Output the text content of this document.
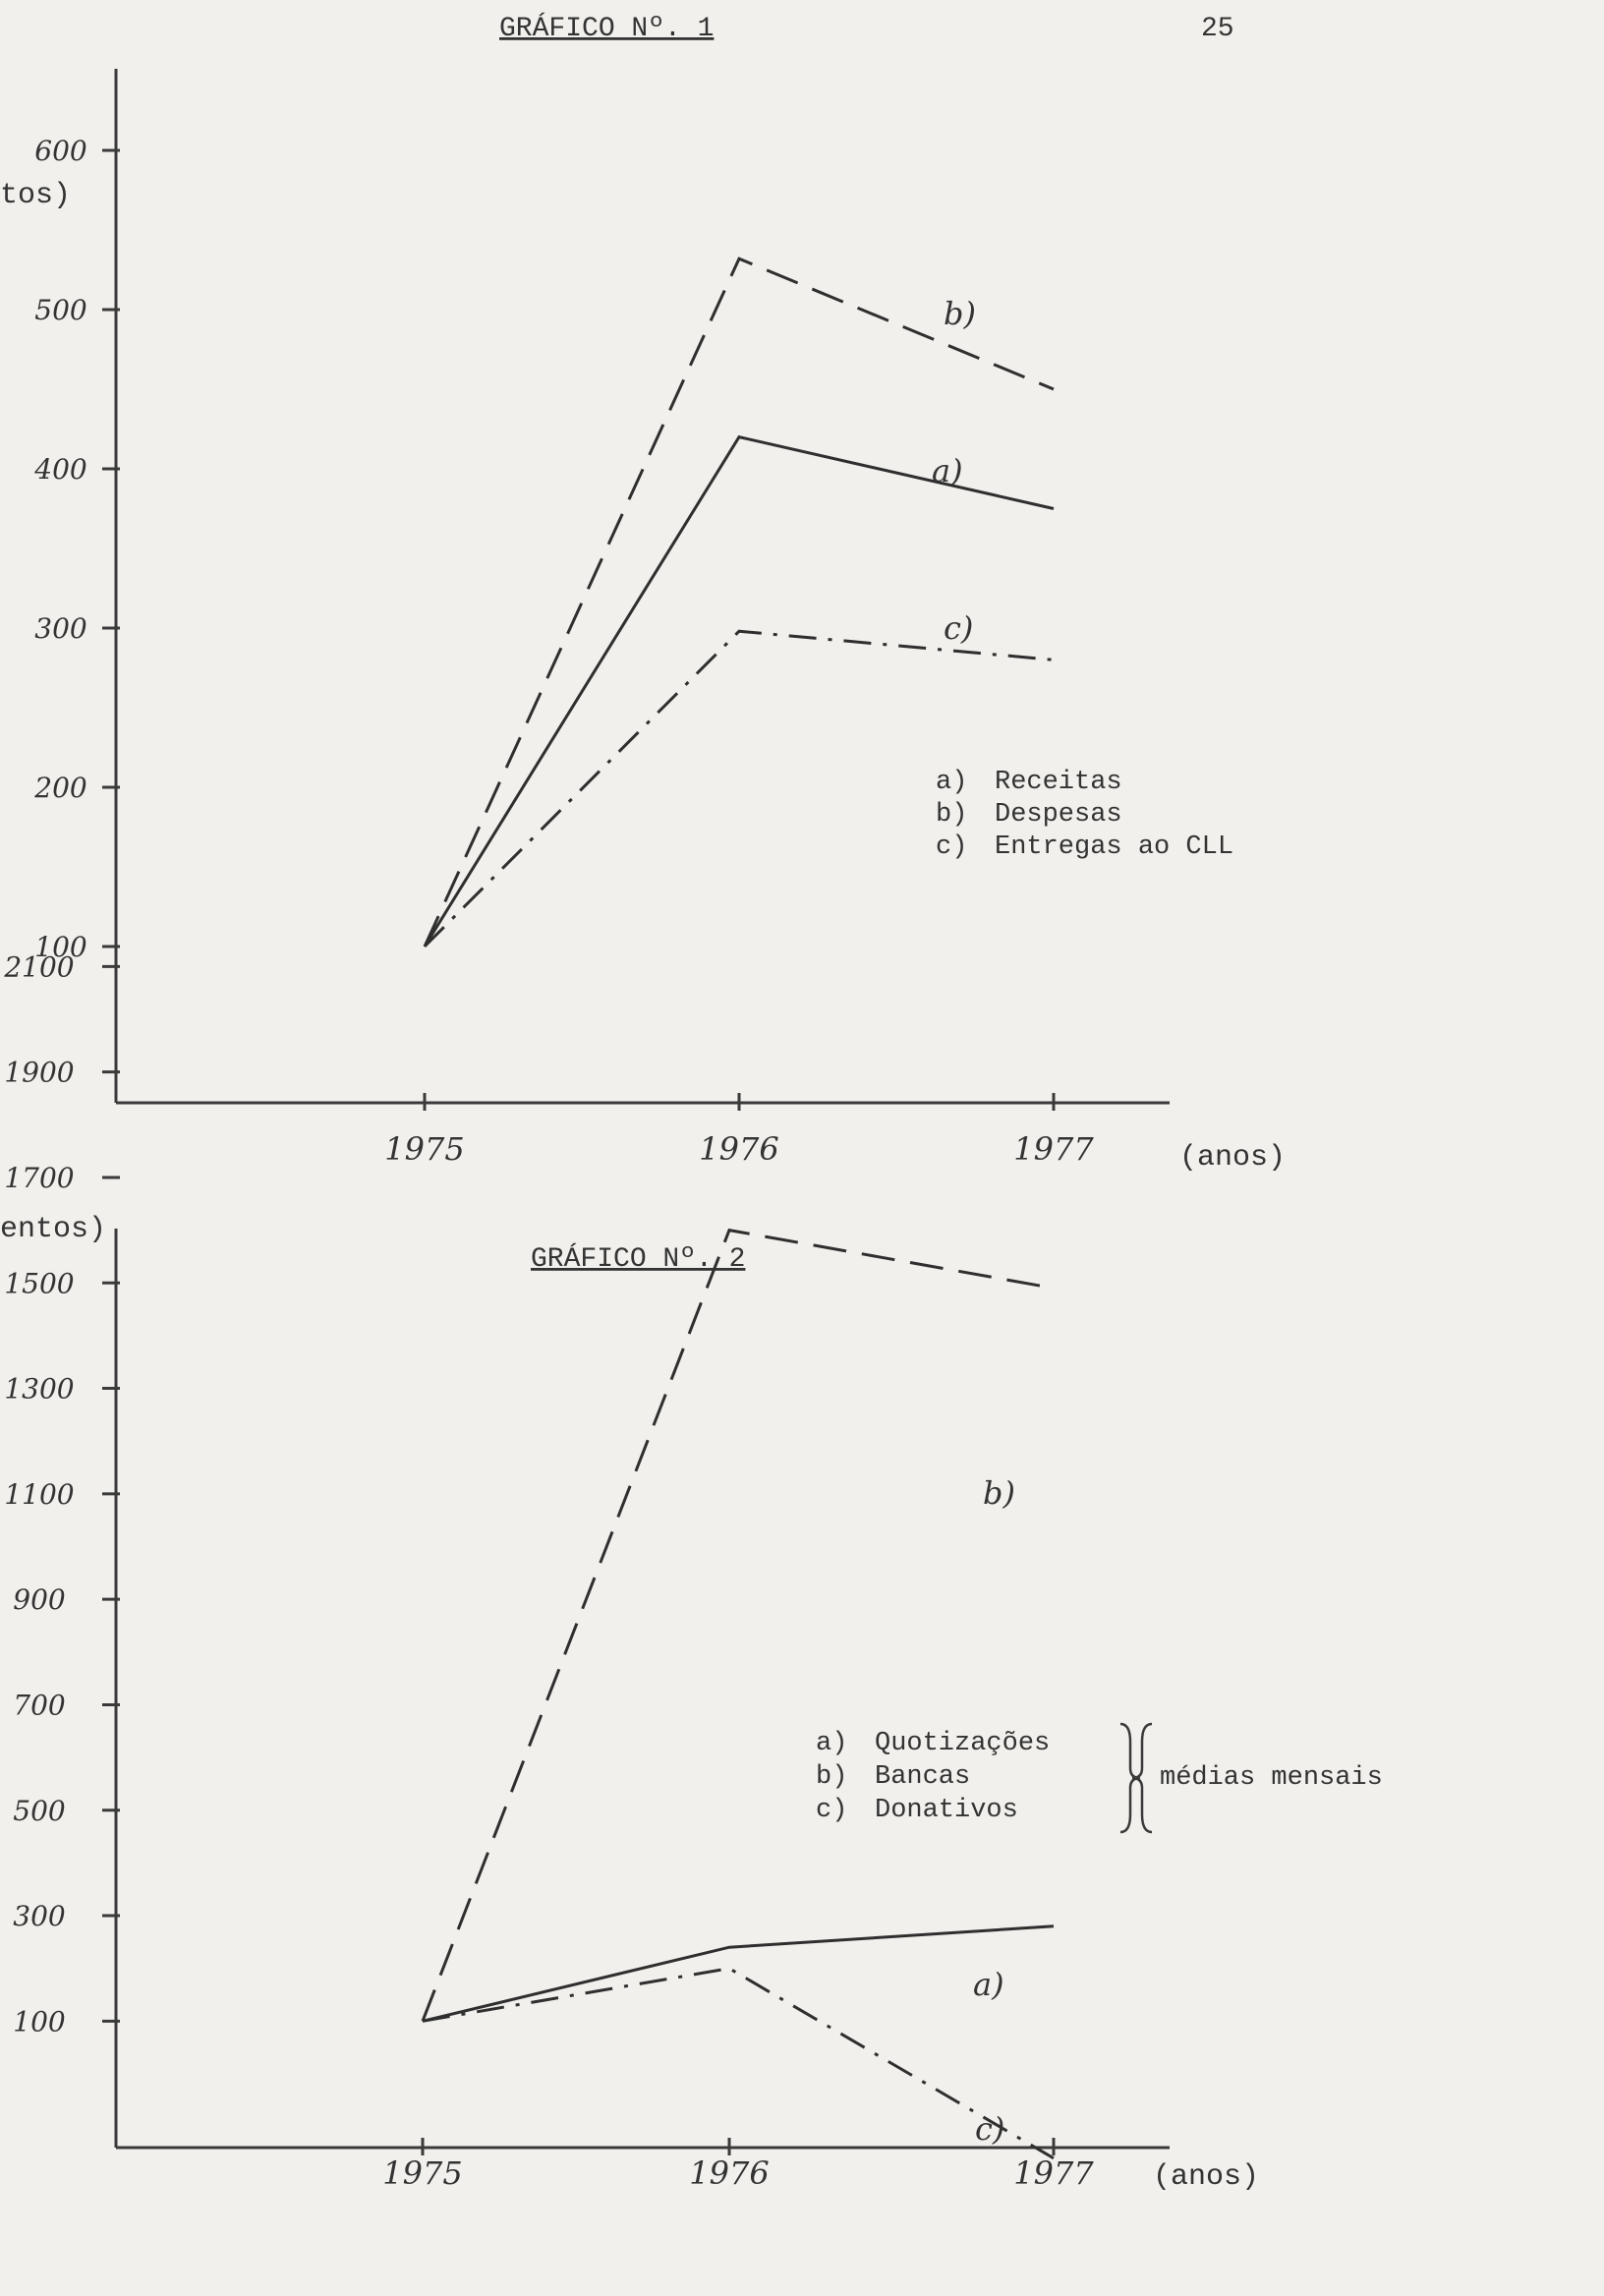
600
500
400
300
200
100
1975	1976	1977
tos)
(anos)
GRÁFICO Nº. 1	25
a)
b)
c)
a) Receitas
b) Despesas
c) Entregas ao CLL
2100
1900
1700
1500
1300
1100
900
700
500
300
100
1975	1976	1977
entos)
(anos)
GRÁFICO Nº. 2
a)
b)
c)
a) Quotizações
b) Bancas
c) Donativos
médias mensais
